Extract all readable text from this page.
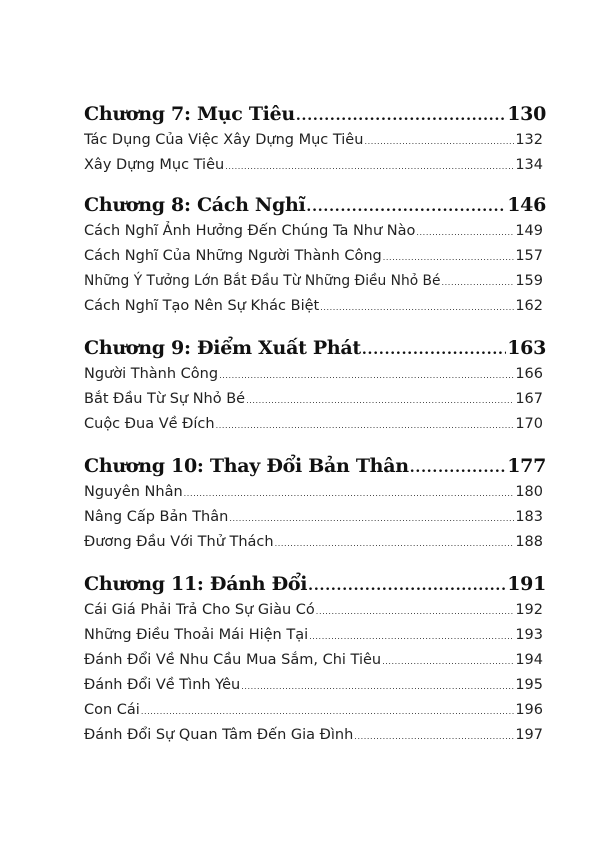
Chương 7: Mục Tiêu .....	130
Tác Dụng Của Việc Xây Dựng Mục Tiêu .....	132
Xây Dựng Mục Tiêu .....	134
Chương 8: Cách Nghĩ .....	146
Cách Nghĩ Ảnh Hưởng Đến Chúng Ta Như Nào .....	149
Cách Nghĩ Của Những Người Thành Công .....	157
Những Ý Tưởng Lớn Bắt Đầu Từ Những Điều Nhỏ Bé .....	159
Cách Nghĩ Tạo Nên Sự Khác Biệt .....	162
Chương 9: Điểm Xuất Phát .....	163
Người Thành Công .....	166
Bắt Đầu Từ Sự Nhỏ Bé .....	167
Cuộc Đua Về Đích .....	170
Chương 10: Thay Đổi Bản Thân .....	177
Nguyên Nhân .....	180
Nâng Cấp Bản Thân .....	183
Đương Đầu Với Thử Thách .....	188
Chương 11: Đánh Đổi .....	191
Cái Giá Phải Trả Cho Sự Giàu Có .....	192
Những Điều Thoải Mái Hiện Tại .....	193
Đánh Đổi Về Nhu Cầu Mua Sắm, Chi Tiêu .....	194
Đánh Đổi Về Tình Yêu .....	195
Con Cái .....	196
Đánh Đổi Sự Quan Tâm Đến Gia Đình .....	197
